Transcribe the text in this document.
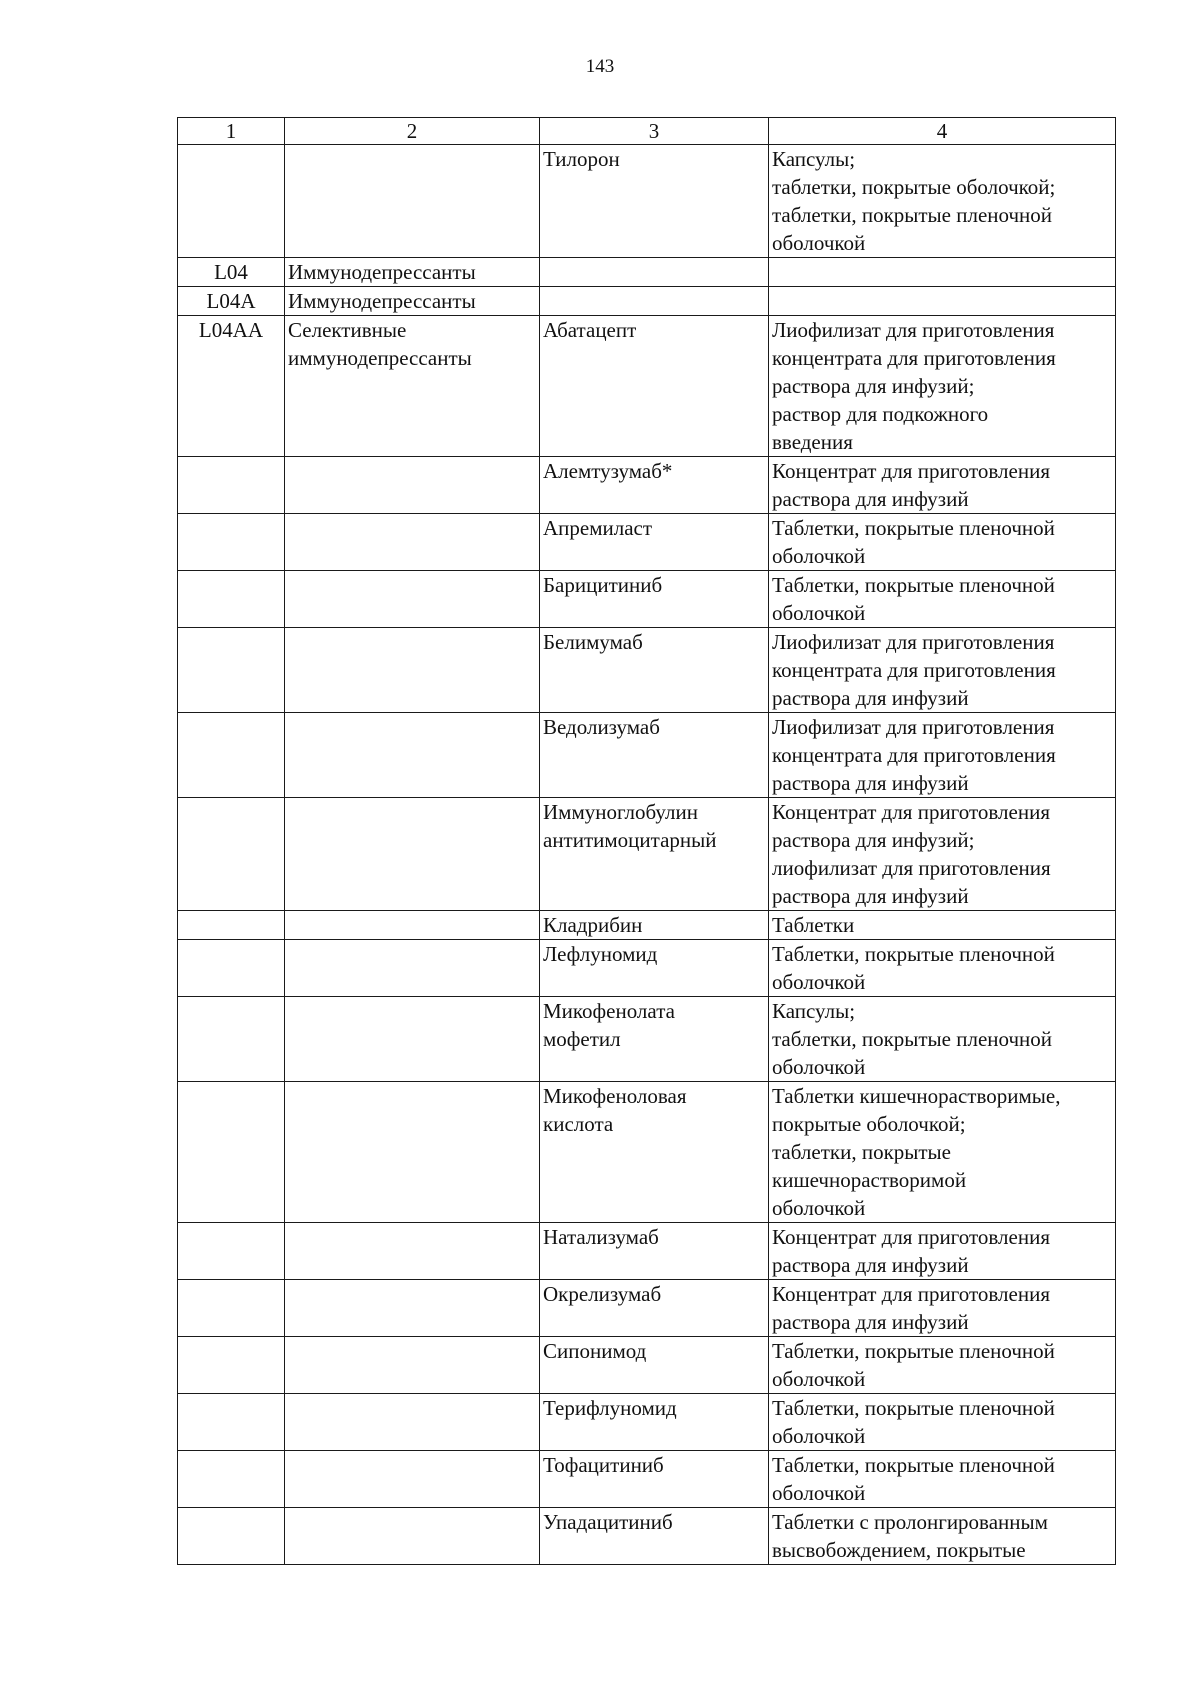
143
1	2	3	4
		Тилорон	Капсулы;
таблетки, покрытые оболочкой;
таблетки, покрытые пленочной
оболочкой
L04	Иммунодепрессанты		
L04A	Иммунодепрессанты		
L04AA	Селективные
иммунодепрессанты	Абатацепт	Лиофилизат для приготовления
концентрата для приготовления
раствора для инфузий;
раствор для подкожного
введения
		Алемтузумаб*	Концентрат для приготовления
раствора для инфузий
		Апремиласт	Таблетки, покрытые пленочной
оболочкой
		Барицитиниб	Таблетки, покрытые пленочной
оболочкой
		Белимумаб	Лиофилизат для приготовления
концентрата для приготовления
раствора для инфузий
		Ведолизумаб	Лиофилизат для приготовления
концентрата для приготовления
раствора для инфузий
		Иммуноглобулин
антитимоцитарный	Концентрат для приготовления
раствора для инфузий;
лиофилизат для приготовления
раствора для инфузий
		Кладрибин	Таблетки
		Лефлуномид	Таблетки, покрытые пленочной
оболочкой
		Микофенолата
мофетил	Капсулы;
таблетки, покрытые пленочной
оболочкой
		Микофеноловая
кислота	Таблетки кишечнорастворимые,
покрытые оболочкой;
таблетки, покрытые
кишечнорастворимой
оболочкой
		Натализумаб	Концентрат для приготовления
раствора для инфузий
		Окрелизумаб	Концентрат для приготовления
раствора для инфузий
		Сипонимод	Таблетки, покрытые пленочной
оболочкой
		Терифлуномид	Таблетки, покрытые пленочной
оболочкой
		Тофацитиниб	Таблетки, покрытые пленочной
оболочкой
		Упадацитиниб	Таблетки с пролонгированным
высвобождением, покрытые
